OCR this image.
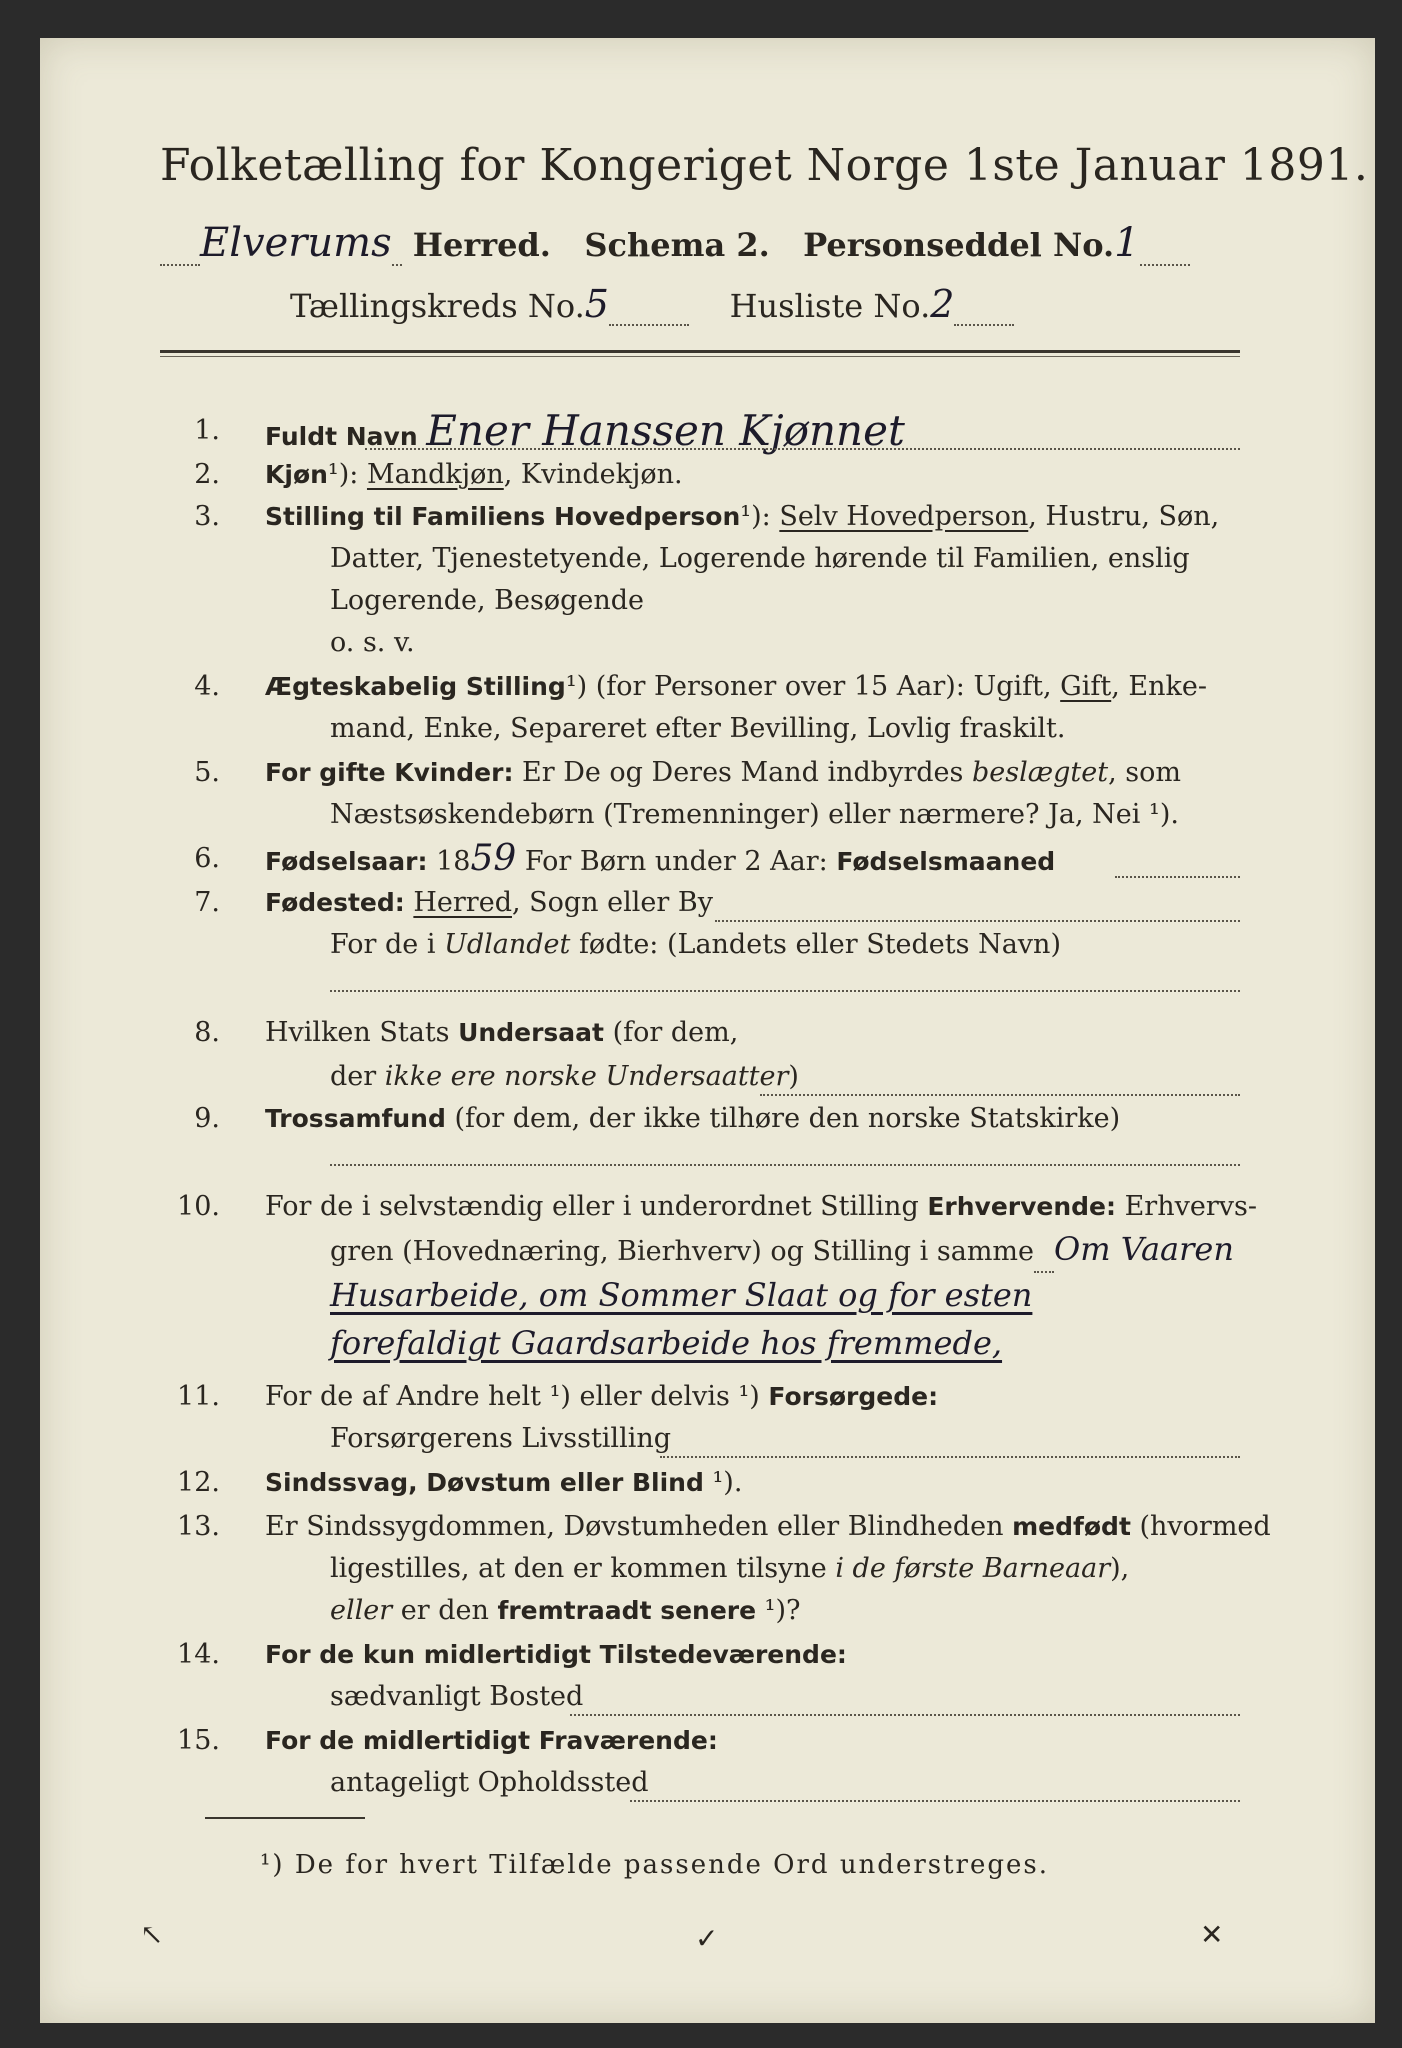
Folketælling for Kongeriget Norge 1ste Januar 1891.
Elverums Herred. Schema 2. Personseddel No.1
Tællingskreds No.5	Husliste No.2
1. Fuldt Navn Ener Hanssen Kjønnet
2. Kjøn¹): Mandkjøn, Kvindekjøn.
3. Stilling til Familiens Hovedperson¹): Selv Hovedperson, Hustru, Søn,
Datter, Tjenestetyende, Logerende hørende til Familien, enslig
Logerende, Besøgende
o. s. v.
4. Ægteskabelig Stilling¹) (for Personer over 15 Aar): Ugift, Gift, Enke-
mand, Enke, Separeret efter Bevilling, Lovlig fraskilt.
5. For gifte Kvinder: Er De og Deres Mand indbyrdes beslægtet, som
Næstsøskendebørn (Tremenninger) eller nærmere? Ja, Nei ¹).
6. Fødselsaar: 1859 For Børn under 2 Aar: Fødselsmaaned
7. Fødested: Herred, Sogn eller By
For de i Udlandet fødte: (Landets eller Stedets Navn)
8. Hvilken Stats Undersaat (for dem,
der ikke ere norske Undersaatter)
9. Trossamfund (for dem, der ikke tilhøre den norske Statskirke)
10. For de i selvstændig eller i underordnet Stilling Erhvervende: Erhvervs-
gren (Hovednæring, Bierhverv) og Stilling i samme Om Vaaren
Husarbeide, om Sommer Slaat og for esten
forefaldigt Gaardsarbeide hos fremmede,
11. For de af Andre helt ¹) eller delvis ¹) Forsørgede:
Forsørgerens Livsstilling
12. Sindssvag, Døvstum eller Blind ¹).
13. Er Sindssygdommen, Døvstumheden eller Blindheden medfødt (hvormed
ligestilles, at den er kommen tilsyne i de første Barneaar),
eller er den fremtraadt senere ¹)?
14. For de kun midlertidigt Tilstedeværende:
sædvanligt Bosted
15. For de midlertidigt Fraværende:
antageligt Opholdssted
¹) De for hvert Tilfælde passende Ord understreges.
↖	✓	✕
